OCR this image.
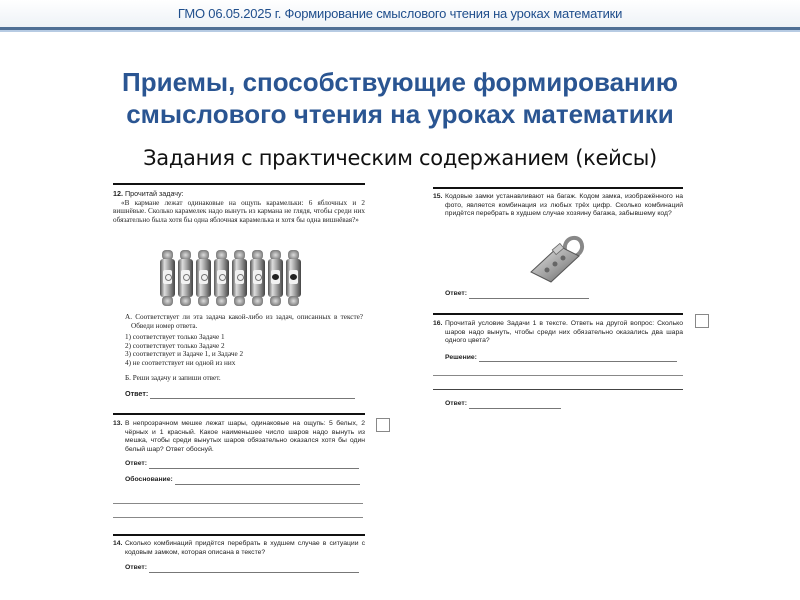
ГМО 06.05.2025 г. Формирование смыслового чтения на уроках математики
Приемы, способствующие формированию
смыслового чтения на уроках математики
Задания с практическим содержанием (кейсы)
12. Прочитай задачу:
«В кармане лежат одинаковые на ощупь карамельки: 6 яблочных и 2 вишнёвые. Сколько карамелек надо вынуть из кармана не глядя, чтобы среди них обязательно была хотя бы одна яблочная карамелька и хотя бы одна вишнёвая?»
А. Соответствует ли эта задача какой-либо из задач, описанных в тексте? Обведи номер ответа.
1) соответствует только Задаче 1
2) соответствует только Задаче 2
3) соответствует и Задаче 1, и Задаче 2
4) не соответствует ни одной из них
Б. Реши задачу и запиши ответ.
Ответ:
13. В непрозрачном мешке лежат шары, одинаковые на ощупь: 5 белых, 2 чёрных и 1 красный. Какое наименьшее число шаров надо вынуть из мешка, чтобы среди вынутых шаров обязательно оказался хотя бы один белый шар? Ответ обоснуй.
Ответ:
Обоснование:
14. Сколько комбинаций придётся перебрать в худшем случае в ситуации с кодовым замком, которая описана в тексте?
Ответ:
15. Кодовые замки устанавливают на багаж. Кодом замка, изображённого на фото, является комбинация из любых трёх цифр. Сколько комбинаций придётся перебрать в худшем случае хозяину багажа, забывшему код?
Ответ:
16. Прочитай условие Задачи 1 в тексте. Ответь на другой вопрос: Сколько шаров надо вынуть, чтобы среди них обязательно оказались два шара одного цвета?
Решение:
Ответ:
